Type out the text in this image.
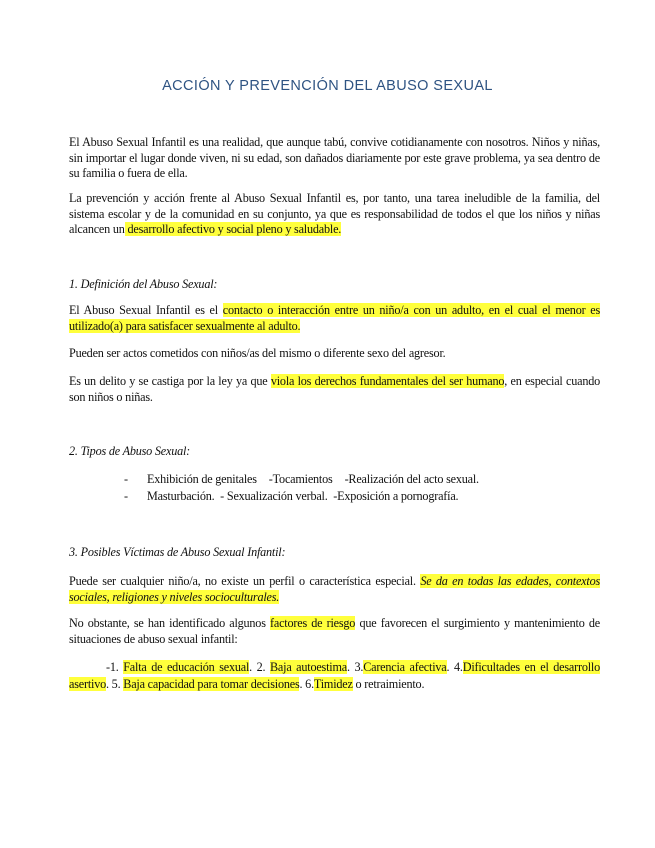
ACCIÓN Y PREVENCIÓN DEL ABUSO SEXUAL
El Abuso Sexual Infantil es una realidad, que aunque tabú, convive cotidianamente con nosotros. Niños y niñas, sin importar el lugar donde viven, ni su edad, son dañados diariamente por este grave problema, ya sea dentro de su familia o fuera de ella.
La prevención y acción frente al Abuso Sexual Infantil es, por tanto, una tarea ineludible de la familia, del sistema escolar y de la comunidad en su conjunto, ya que es responsabilidad de todos el que los niños y niñas alcancen un desarrollo afectivo y social pleno y saludable.
1. Definición del Abuso Sexual:
El Abuso Sexual Infantil es el contacto o interacción entre un niño/a con un adulto, en el cual el menor es utilizado(a) para satisfacer sexualmente al adulto.
Pueden ser actos cometidos con niños/as del mismo o diferente sexo del agresor.
Es un delito y se castiga por la ley ya que viola los derechos fundamentales del ser humano, en especial cuando son niños o niñas.
2. Tipos de Abuso Sexual:
- Exhibición de genitales -Tocamientos -Realización del acto sexual.
- Masturbación. - Sexualización verbal. -Exposición a pornografía.
3. Posibles Víctimas de Abuso Sexual Infantil:
Puede ser cualquier niño/a, no existe un perfil o característica especial. Se da en todas las edades, contextos sociales, religiones y niveles socioculturales.
No obstante, se han identificado algunos factores de riesgo que favorecen el surgimiento y mantenimiento de situaciones de abuso sexual infantil:
-1. Falta de educación sexual. 2. Baja autoestima. 3.Carencia afectiva. 4.Dificultades en el desarrollo asertivo. 5. Baja capacidad para tomar decisiones. 6.Timidez o retraimiento.
